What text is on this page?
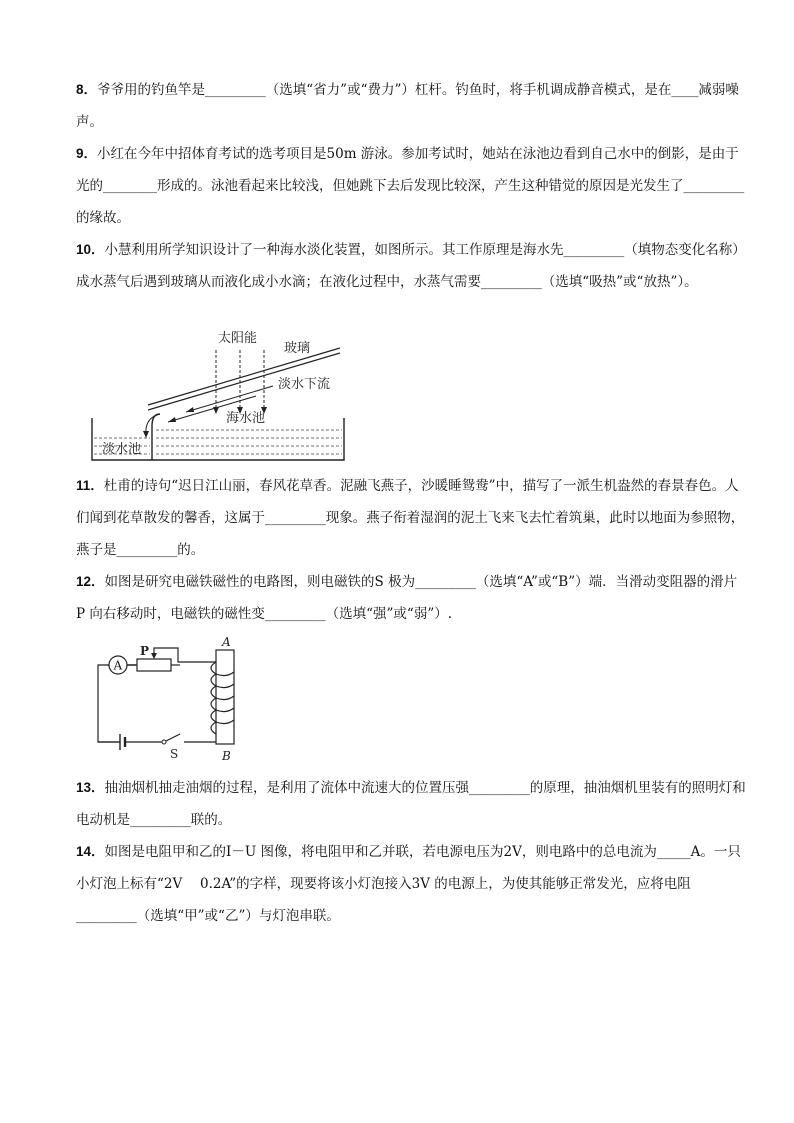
8．爷爷用的钓鱼竿是_________（选填“省力”或“费力”）杠杆。钓鱼时，将手机调成静音模式，是在____减弱噪声。

9．小红在今年中招体育考试的选考项目是50m 游泳。参加考试时，她站在泳池边看到自己水中的倒影，是由于光的________形成的。泳池看起来比较浅，但她跳下去后发现比较深，产生这种错觉的原因是光发生了_________的缘故。

10．小慧利用所学知识设计了一种海水淡化装置，如图所示。其工作原理是海水先_________（填物态变化名称）成水蒸气后遇到玻璃从而液化成小水滴；在液化过程中，水蒸气需要_________（选填“吸热”或“放热”）。

太阳能
玻璃
淡水下流
海水池
淡水池

11．杜甫的诗句“迟日江山丽，春风花草香。泥融飞燕子，沙暖睡鸳鸯”中，描写了一派生机盎然的春景春色。人们闻到花草散发的馨香，这属于_________现象。燕子衔着湿润的泥土飞来飞去忙着筑巢，此时以地面为参照物，燕子是_________的。

12．如图是研究电磁铁磁性的电路图，则电磁铁的S 极为_________（选填“A”或“B”）端．当滑动变阻器的滑片P 向右移动时，电磁铁的磁性变_________（选填“强”或“弱”）.

A
P
A
B
S

13．抽油烟机抽走油烟的过程，是利用了流体中流速大的位置压强_________的原理，抽油烟机里装有的照明灯和电动机是_________联的。

14．如图是电阻甲和乙的I－U 图像，将电阻甲和乙并联，若电源电压为2V，则电路中的总电流为_____A。一只小灯泡上标有“2V　 0.2A”的字样，现要将该小灯泡接入3V 的电源上，为使其能够正常发光，应将电阻_________（选填“甲”或“乙”）与灯泡串联。
